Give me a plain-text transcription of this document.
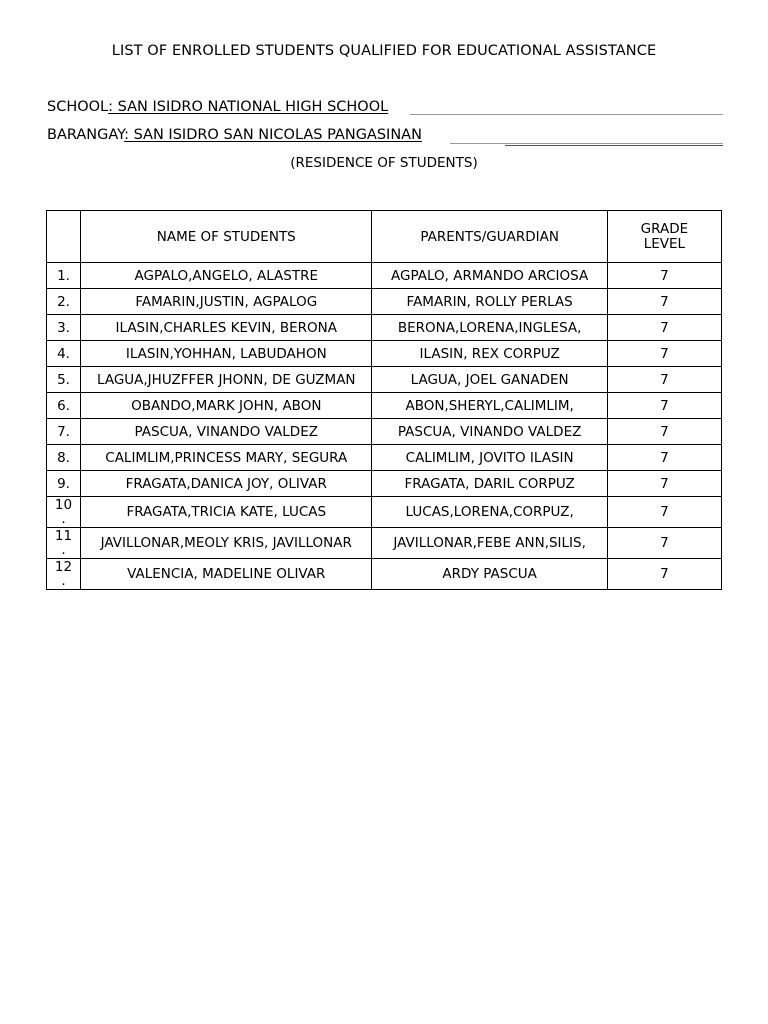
LIST OF ENROLLED STUDENTS QUALIFIED FOR EDUCATIONAL ASSISTANCE
SCHOOL: SAN ISIDRO NATIONAL HIGH SCHOOL
BARANGAY: SAN ISIDRO SAN NICOLAS PANGASINAN
(RESIDENCE OF STUDENTS)
	NAME OF STUDENTS	PARENTS/GUARDIAN	GRADE
LEVEL
1.	AGPALO,ANGELO, ALASTRE	AGPALO, ARMANDO ARCIOSA	7
2.	FAMARIN,JUSTIN, AGPALOG	FAMARIN, ROLLY PERLAS	7
3.	ILASIN,CHARLES KEVIN, BERONA	BERONA,LORENA,INGLESA,	7
4.	ILASIN,YOHHAN, LABUDAHON	ILASIN, REX CORPUZ	7
5.	LAGUA,JHUZFFER JHONN, DE GUZMAN	LAGUA, JOEL GANADEN	7
6.	OBANDO,MARK JOHN, ABON	ABON,SHERYL,CALIMLIM,	7
7.	PASCUA, VINANDO VALDEZ	PASCUA, VINANDO VALDEZ	7
8.	CALIMLIM,PRINCESS MARY, SEGURA	CALIMLIM, JOVITO ILASIN	7
9.	FRAGATA,DANICA JOY, OLIVAR	FRAGATA, DARIL CORPUZ	7
10
.	FRAGATA,TRICIA KATE, LUCAS	LUCAS,LORENA,CORPUZ,	7
11
.	JAVILLONAR,MEOLY KRIS, JAVILLONAR	JAVILLONAR,FEBE ANN,SILIS,	7
12
.	VALENCIA, MADELINE OLIVAR	ARDY PASCUA	7
